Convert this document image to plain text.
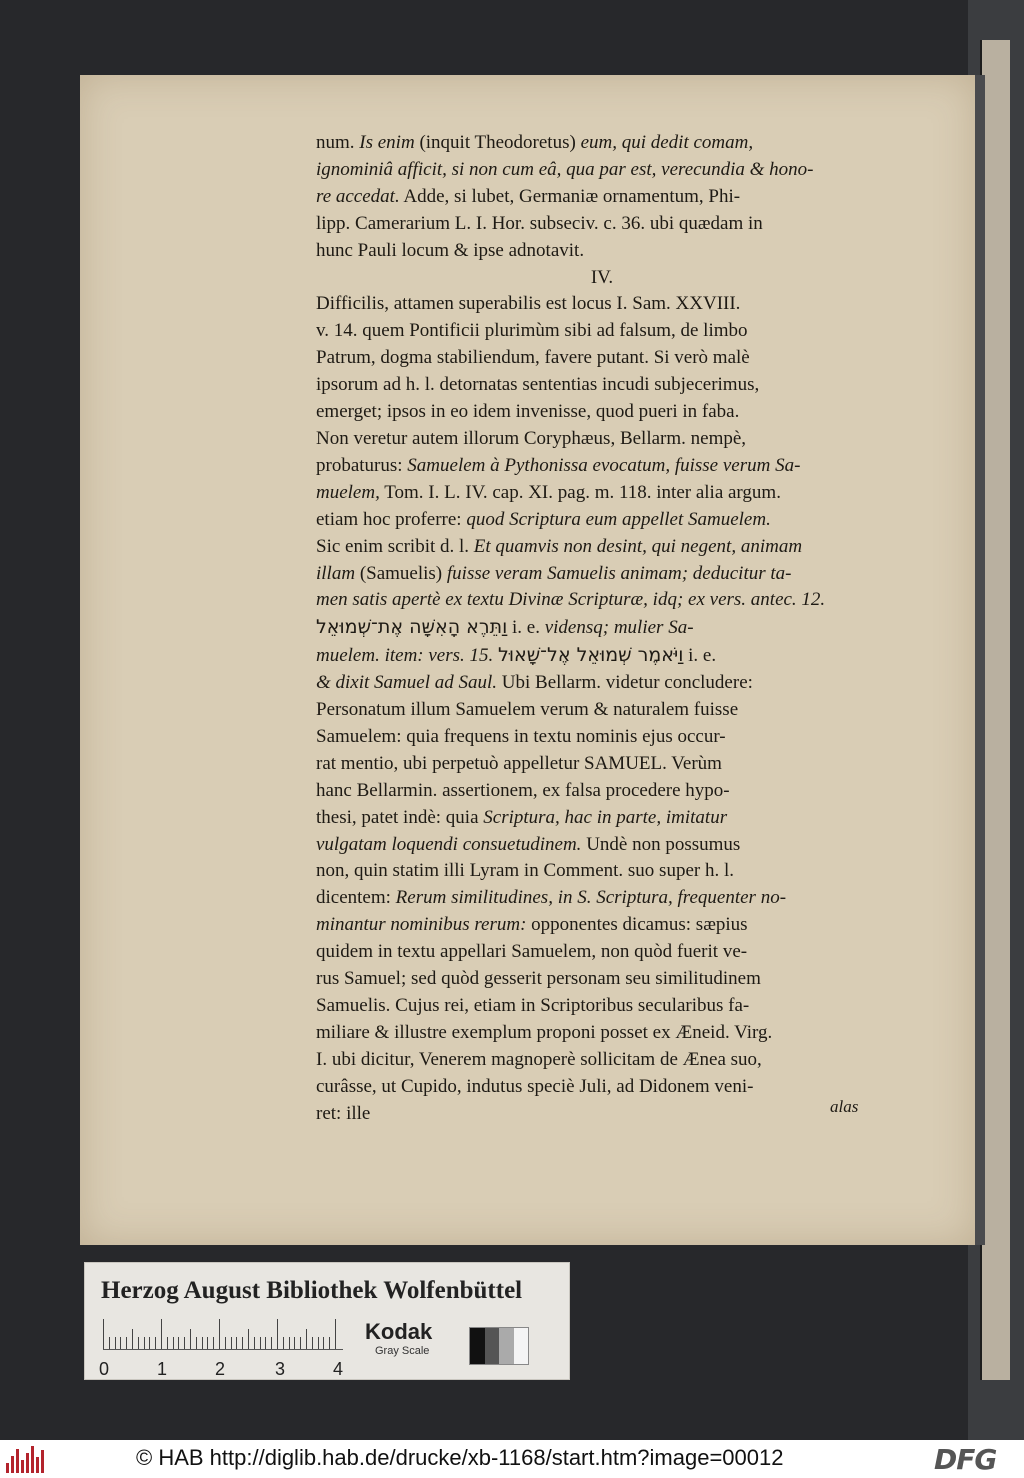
num. Is enim (inquit Theodoretus) eum, qui dedit comam,
ignominiâ afficit, si non cum eâ, qua par est, verecundia & hono-
re accedat. Adde, si lubet, Germaniæ ornamentum, Phi-
lipp. Camerarium L. I. Hor. subseciv. c. 36. ubi quædam in
hunc Pauli locum & ipse adnotavit.
IV.
Difficilis, attamen superabilis est locus I. Sam. XXVIII.
v. 14. quem Pontificii plurimùm sibi ad falsum, de limbo
Patrum, dogma stabiliendum, favere putant. Si verò malè
ipsorum ad h. l. detornatas sententias incudi subjecerimus,
emerget; ipsos in eo idem invenisse, quod pueri in faba.
Non veretur autem illorum Coryphæus, Bellarm. nempè,
probaturus: Samuelem à Pythonissa evocatum, fuisse verum Sa-
muelem, Tom. I. L. IV. cap. XI. pag. m. 118. inter alia argum.
etiam hoc proferre: quod Scriptura eum appellet Samuelem.
Sic enim scribit d. l. Et quamvis non desint, qui negent, animam
illam (Samuelis) fuisse veram Samuelis animam; deducitur ta-
men satis apertè ex textu Divinæ Scripturæ, idq; ex vers. antec. 12.
וַתֵּרֶא הָאִשָּׁה אֶת־שְׁמוּאֵל i. e. vidensq; mulier Sa-
muelem. item: vers. 15. וַיֹּאמֶר שְׁמוּאֵל אֶל־שָׁאוּל i. e.
& dixit Samuel ad Saul. Ubi Bellarm. videtur concludere:
Personatum illum Samuelem verum & naturalem fuisse
Samuelem: quia frequens in textu nominis ejus occur-
rat mentio, ubi perpetuò appelletur SAMUEL. Verùm
hanc Bellarmin. assertionem, ex falsa procedere hypo-
thesi, patet indè: quia Scriptura, hac in parte, imitatur
vulgatam loquendi consuetudinem. Undè non possumus
non, quin statim illi Lyram in Comment. suo super h. l.
dicentem: Rerum similitudines, in S. Scriptura, frequenter no-
minantur nominibus rerum: opponentes dicamus: sæpius
quidem in textu appellari Samuelem, non quòd fuerit ve-
rus Samuel; sed quòd gesserit personam seu similitudinem
Samuelis. Cujus rei, etiam in Scriptoribus secularibus fa-
miliare & illustre exemplum proponi posset ex Æneid. Virg.
I. ubi dicitur, Venerem magnoperè sollicitam de Ænea suo,
curâsse, ut Cupido, indutus speciè Juli, ad Didonem veni-
ret: ille	alas
Herzog August Bibliothek Wolfenbüttel
0	1	2	3	4
Kodak
Gray Scale
© HAB http://diglib.hab.de/drucke/xb-1168/start.htm?image=00012	DFG
